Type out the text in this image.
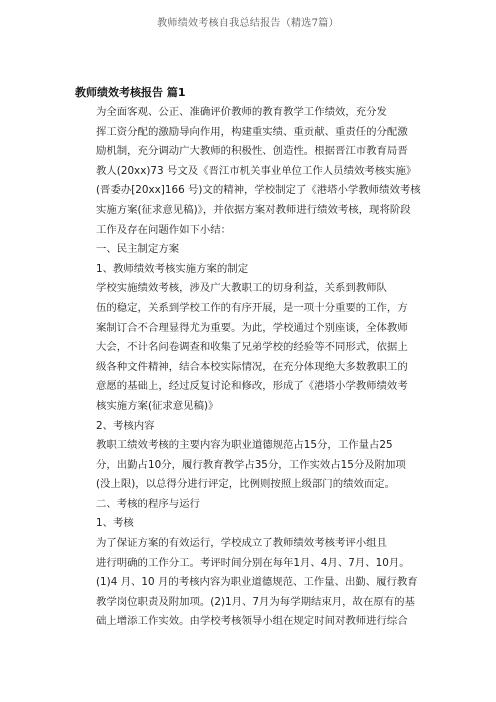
教师绩效考核自我总结报告（精选7篇）
教师绩效考核报告 篇1

为全面客观、公正、准确评价教师的教育教学工作绩效，充分发
挥工资分配的激励导向作用，构建重实绩、重贡献、重责任的分配激
励机制，充分调动广大教师的积极性、创造性。根据晋江市教育局晋
教人(20xx)73 号文及《晋江市机关事业单位工作人员绩效考核实施》
(晋委办[20xx]166 号)文的精神，学校制定了《港塔小学教师绩效考核
实施方案(征求意见稿)》，并依据方案对教师进行绩效考核，现将阶段
工作及存在问题作如下小结：

一、民主制定方案

1、教师绩效考核实施方案的制定

学校实施绩效考核，涉及广大教职工的切身利益，关系到教师队
伍的稳定，关系到学校工作的有序开展，是一项十分重要的工作，方
案制订合不合理显得尤为重要。为此，学校通过个别座谈，全体教师
大会，不计名问卷调查和收集了兄弟学校的经验等不同形式，依据上
级各种文件精神，结合本校实际情况，在充分体现绝大多数教职工的
意愿的基础上，经过反复讨论和修改，形成了《港塔小学教师绩效考
核实施方案(征求意见稿)》

2、考核内容

教职工绩效考核的主要内容为职业道德规范占15分，工作量占25
分，出勤占10分，履行教育教学占35分，工作实效占15分及附加项
(没上限)，以总得分进行评定，比例则按照上级部门的绩效而定。

二、考核的程序与运行

1、考核

为了保证方案的有效运行，学校成立了教师绩效考核考评小组且
进行明确的工作分工。考评时间分别在每年1月、4月、7月、10月。
(1)4 月、10 月的考核内容为职业道德规范、工作量、出勤、履行教育
教学岗位职责及附加项。(2)1月、7月为每学期结束月，故在原有的基
础上增添工作实效。由学校考核领导小组在规定时间对教师进行综合
